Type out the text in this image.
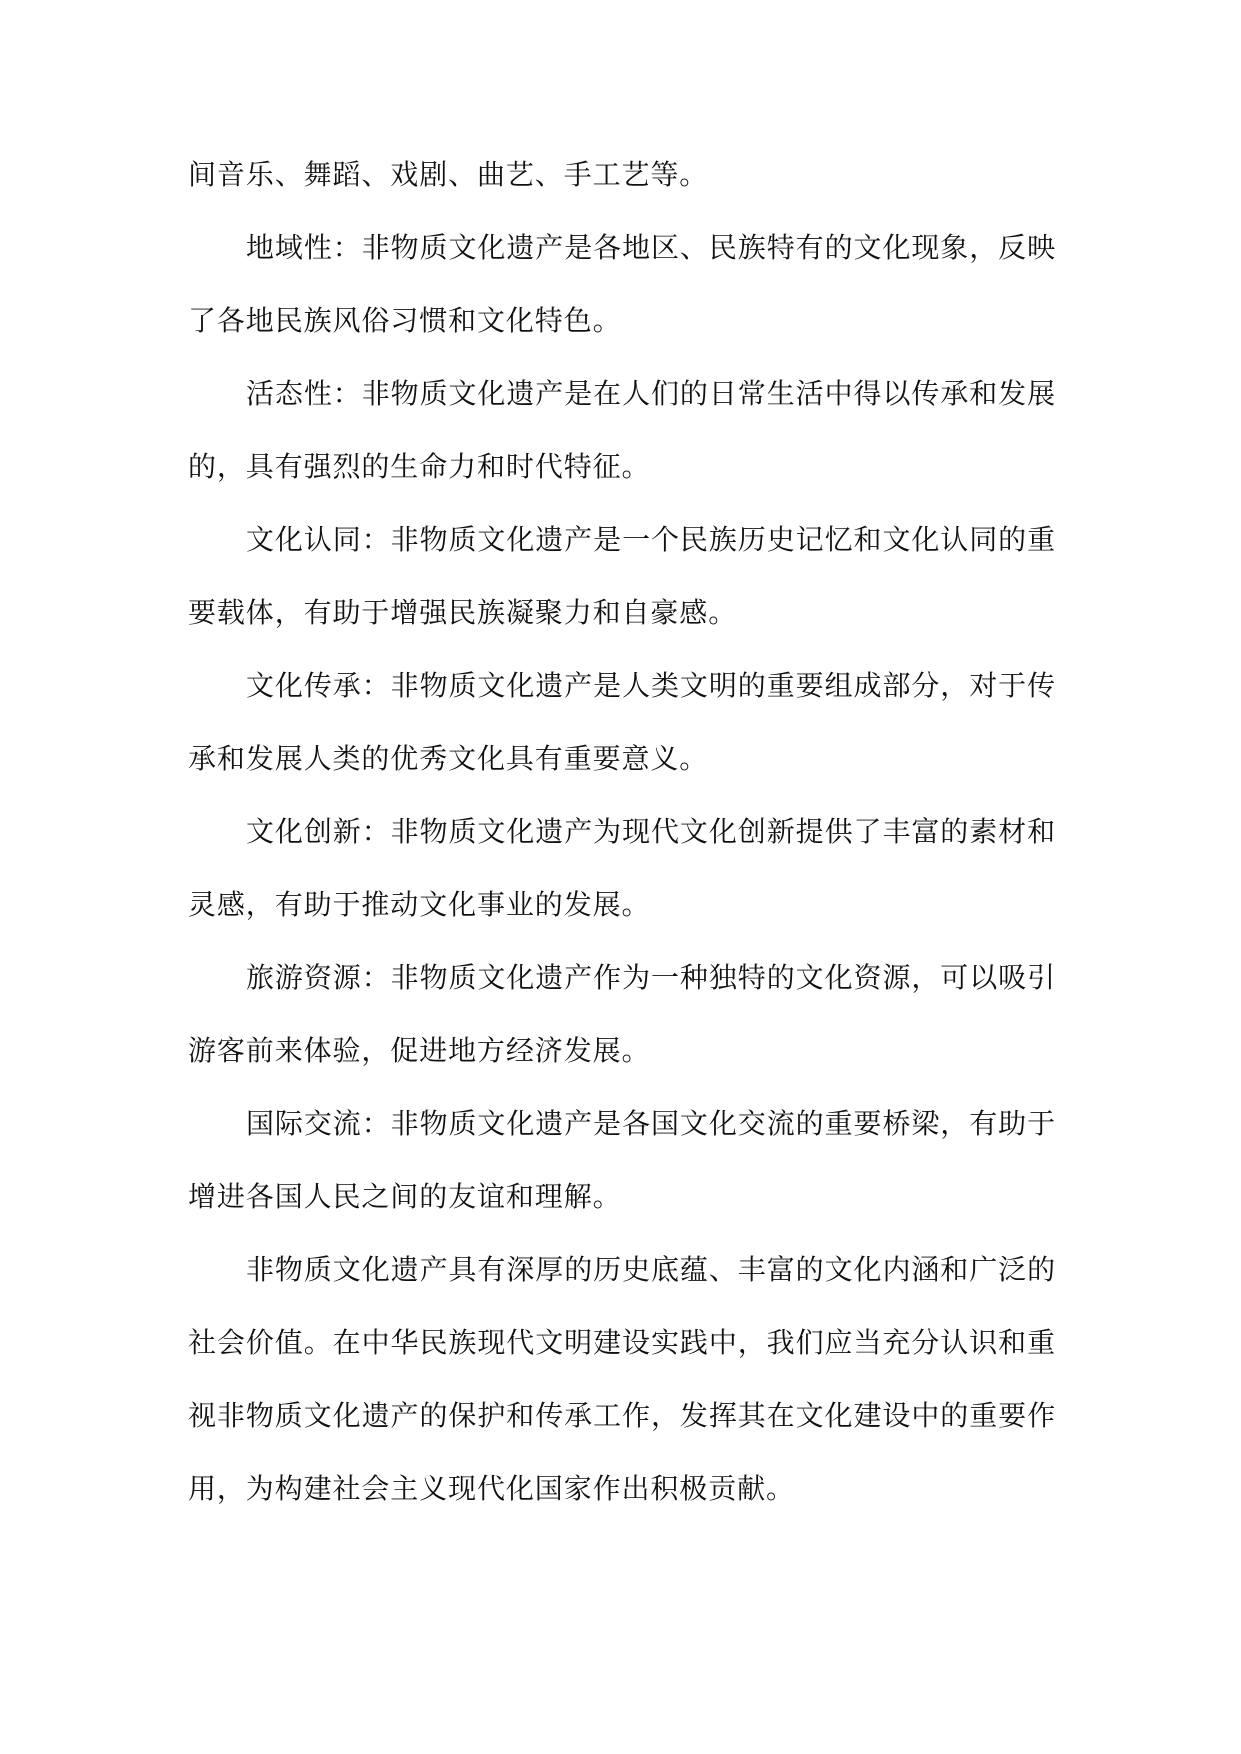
间音乐、舞蹈、戏剧、曲艺、手工艺等。

地域性：非物质文化遗产是各地区、民族特有的文化现象，反映了各地民族风俗习惯和文化特色。

活态性：非物质文化遗产是在人们的日常生活中得以传承和发展的，具有强烈的生命力和时代特征。

文化认同：非物质文化遗产是一个民族历史记忆和文化认同的重要载体，有助于增强民族凝聚力和自豪感。

文化传承：非物质文化遗产是人类文明的重要组成部分，对于传承和发展人类的优秀文化具有重要意义。

文化创新：非物质文化遗产为现代文化创新提供了丰富的素材和灵感，有助于推动文化事业的发展。

旅游资源：非物质文化遗产作为一种独特的文化资源，可以吸引游客前来体验，促进地方经济发展。

国际交流：非物质文化遗产是各国文化交流的重要桥梁，有助于增进各国人民之间的友谊和理解。

非物质文化遗产具有深厚的历史底蕴、丰富的文化内涵和广泛的社会价值。在中华民族现代文明建设实践中，我们应当充分认识和重视非物质文化遗产的保护和传承工作，发挥其在文化建设中的重要作用，为构建社会主义现代化国家作出积极贡献。
